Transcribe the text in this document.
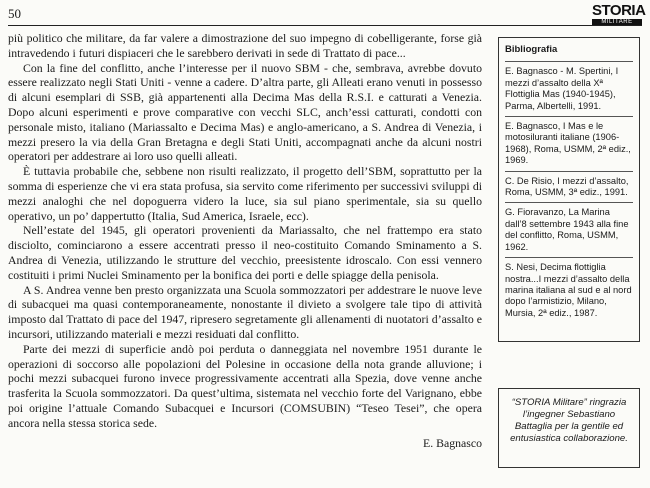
50	STORIA
MILITARE

più politico che militare, da far valere a dimostrazione del suo impegno di cobelligerante, forse già intravedendo i futuri dispiaceri che le sarebbero derivati in sede di Trattato di pace...

Con la fine del conflitto, anche l’interesse per il nuovo SBM - che, sembrava, avrebbe dovuto essere realizzato negli Stati Uniti - venne a cadere. D’altra parte, gli Alleati erano venuti in possesso di alcuni esemplari di SSB, già appartenenti alla Decima Mas della R.S.I. e catturati a Venezia. Dopo alcuni esperimenti e prove comparative con vecchi SLC, anch’essi catturati, condotti con personale misto, italiano (Mariassalto e Decima Mas) e anglo-americano, a S. Andrea di Venezia, i mezzi presero la via della Gran Bretagna e degli Stati Uniti, accompagnati anche da alcuni nostri operatori per addestrare ai loro uso quelli alleati.

È tuttavia probabile che, sebbene non risulti realizzato, il progetto dell’SBM, soprattutto per la somma di esperienze che vi era stata profusa, sia servito come riferimento per successivi sviluppi di mezzi analoghi che nel dopoguerra videro la luce, sia sul piano sperimentale, sia su quello operativo, un po’ dappertutto (Italia, Sud America, Israele, ecc).

Nell’estate del 1945, gli operatori provenienti da Mariassalto, che nel frattempo era stato disciolto, cominciarono a essere accentrati presso il neo-costituito Comando Sminamento a S. Andrea di Venezia, utilizzando le strutture del vecchio, preesistente idroscalo. Con essi vennero costituiti i primi Nuclei Sminamento per la bonifica dei porti e delle spiagge della penisola.

A S. Andrea venne ben presto organizzata una Scuola sommozzatori per addestrare le nuove leve di subacquei ma quasi contemporaneamente, nonostante il divieto a svolgere tale tipo di attività imposto dal Trattato di pace del 1947, ripresero segretamente gli allenamenti di nuotatori d’assalto e incursori, utilizzando materiali e mezzi residuati dal conflitto.

Parte dei mezzi di superficie andò poi perduta o danneggiata nel novembre 1951 durante le operazioni di soccorso alle popolazioni del Polesine in occasione della nota grande alluvione; i pochi mezzi subacquei furono invece progressivamente accentrati alla Spezia, dove venne anche trasferita la Scuola sommozzatori. Da quest’ultima, sistemata nel vecchio forte del Varignano, ebbe poi origine l’attuale Comando Subacquei e Incursori (COMSUBIN) “Teseo Tesei”, che opera ancora nella stessa storica sede.

E. Bagnasco
Bibliografia
E. Bagnasco - M. Spertini, I mezzi d’assalto della Xª Flottiglia Mas (1940-1945), Parma, Albertelli, 1991.
E. Bagnasco, I Mas e le motosiluranti italiane (1906-1968), Roma, USMM, 2ª ediz., 1969.
C. De Risio, I mezzi d’assalto, Roma, USMM, 3ª ediz., 1991.
G. Fioravanzo, La Marina dall’8 settembre 1943 alla fine del conflitto, Roma, USMM, 1962.
S. Nesi, Decima flottiglia nostra...I mezzi d’assalto della marina italiana al sud e al nord dopo l’armistizio, Milano, Mursia, 2ª ediz., 1987.
“STORIA Militare” ringrazia l’ingegner Sebastiano Battaglia per la gentile ed entusiastica collaborazione.
